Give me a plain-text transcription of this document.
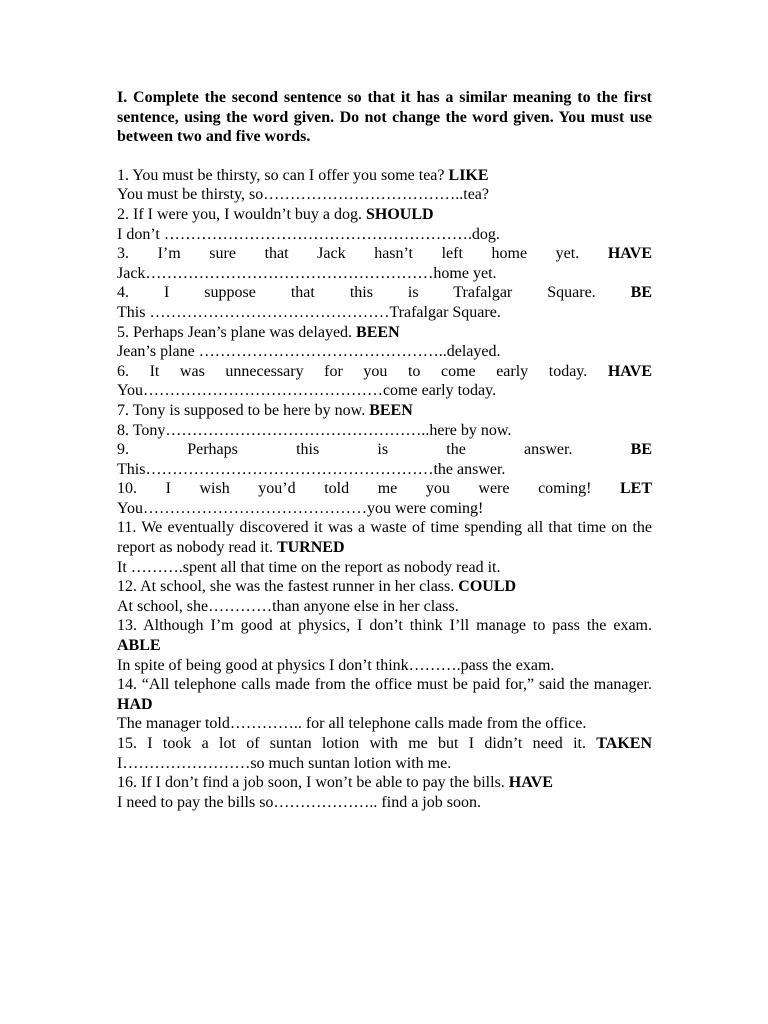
I. Complete the second sentence so that it has a similar meaning to the first sentence, using the word given. Do not change the word given. You must use between two and five words.

1. You must be thirsty, so can I offer you some tea? LIKE

You must be thirsty, so………………………………..tea?

2. If I were you, I wouldn’t buy a dog. SHOULD

I don’t ………………………………………………….dog.

3. I’m sure that Jack hasn’t left home yet. HAVE

Jack………………………………………………home yet.

4. I suppose that this is Trafalgar Square. BE

This ………………………………………Trafalgar Square.

5. Perhaps Jean’s plane was delayed. BEEN

Jean’s plane ………………………………………..delayed.

6. It was unnecessary for you to come early today. HAVE

You………………………………………come early today.

7. Tony is supposed to be here by now. BEEN

8. Tony…………………………………………..here by now.

9. Perhaps this is the answer.	BE

This………………………………………………the answer.

10. I wish you’d told me you were coming! LET

You……………………………………you were coming!

11. We eventually discovered it was a waste of time spending all that time on the report as nobody read it. TURNED

It ……….spent all that time on the report as nobody read it.

12. At school, she was the fastest runner in her class. COULD

At school, she…………than anyone else in her class.

13. Although I’m good at physics, I don’t think I’ll manage to pass the exam. ABLE

In spite of being good at physics I don’t think……….pass the exam.

14. “All telephone calls made from the office must be paid for,” said the manager. HAD

The manager told………….. for all telephone calls made from the office.

15. I took a lot of suntan lotion with me but I didn’t need it. TAKEN

I……………………so much suntan lotion with me.

16. If I don’t find a job soon, I won’t be able to pay the bills. HAVE

I need to pay the bills so……………….. find a job soon.
